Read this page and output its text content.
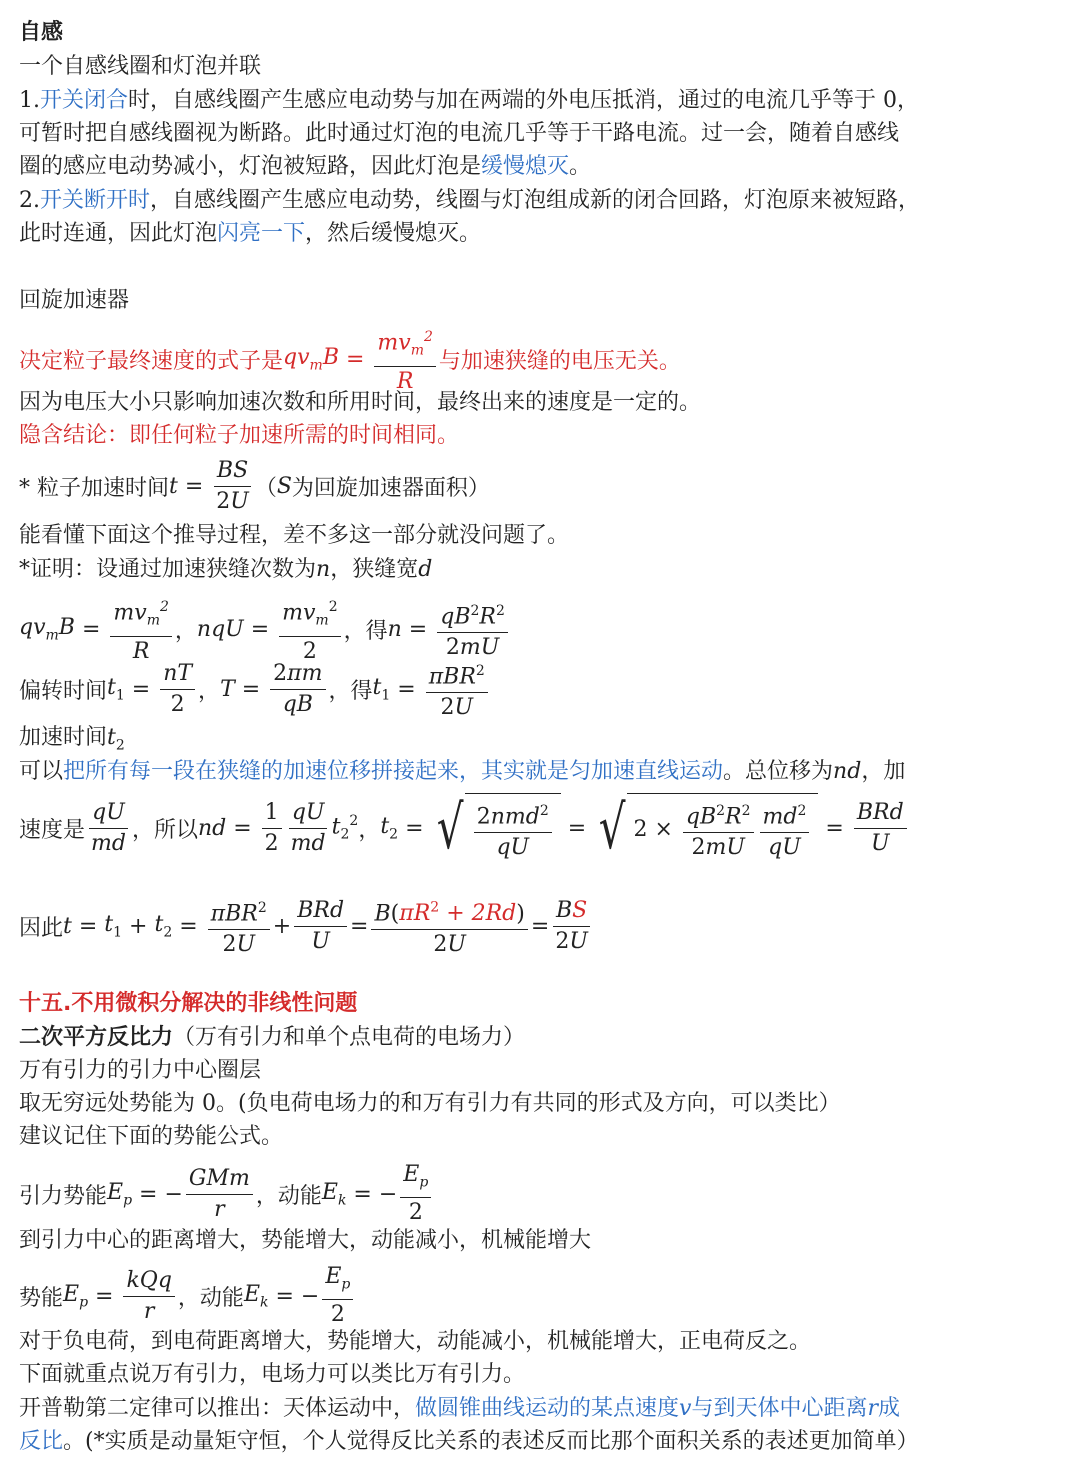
自感
一个自感线圈和灯泡并联
1.开关闭合时，自感线圈产生感应电动势与加在两端的外电压抵消，通过的电流几乎等于 0，
可暂时把自感线圈视为断路。此时通过灯泡的电流几乎等于干路电流。过一会，随着自感线
圈的感应电动势减小，灯泡被短路，因此灯泡是缓慢熄灭。
2.开关断开时，自感线圈产生感应电动势，线圈与灯泡组成新的闭合回路，灯泡原来被短路，
此时连通，因此灯泡闪亮一下，然后缓慢熄灭。
回旋加速器
决定粒子最终速度的式子是 $qv_mB = \frac{mv_m^2}{R}$ 与加速狭缝的电压无关。
因为电压大小只影响加速次数和所用时间，最终出来的速度是一定的。
隐含结论：即任何粒子加速所需的时间相同。
* 粒子加速时间 $t = \frac{BS}{2U}$ （ S 为回旋加速器面积）
能看懂下面这个推导过程，差不多这一部分就没问题了。
*证明：设通过加速狭缝次数为n，狭缝宽d
$qv_mB = \frac{mv_m^2}{R}$ ， nqU = $\frac{mv_m^2}{2}$ ，得 $n = \frac{qB^2R^2}{2mU}$
偏转时间 $t_1 = \frac{nT}{2}$ ， $T = \frac{2\pi m}{qB}$ ，得 $t_1 = \frac{\pi BR^2}{2U}$
加速时间$t_2$
可以把所有每一段在狭缝的加速位移拼接起来，其实就是匀加速直线运动。总位移为nd，加
速度是 $\frac{qU}{md}$ ，所以 nd = $\frac{1}{2} \frac{qU}{md} t_2^2$ ， $t_2$ = √ $\frac{2nmd^2}{qU}$ = √ $2 \times \frac{qB^2R^2}{2mU} \frac{md^2}{qU} = \frac{\text{BRd}}{U}$
因此 $t = t_1 + t_2 = \frac{\pi BR^2}{2U} + \frac{\text{BRd}}{U} = \frac{B(\pi R^2 + 2Rd)}{2U} = \frac{BS}{2U}$
十五.不用微积分解决的非线性问题
二次平方反比力（万有引力和单个点电荷的电场力）
万有引力的引力中心圈层
取无穷远处势能为 0。(负电荷电场力的和万有引力有共同的形式及方向，可以类比）
建议记住下面的势能公式。
引力势能 $E_p$ = − $\frac{\text{GMm}}{r}$ ，动能 $E_k$ = − $\frac{E_p}{2}$
到引力中心的距离增大，势能增大，动能减小，机械能增大
势能 $E_p = \frac{\text{kQq}}{r}$ ，动能 $E_k$ = − $\frac{E_p}{2}$
对于负电荷，到电荷距离增大，势能增大，动能减小，机械能增大，正电荷反之。
下面就重点说万有引力，电场力可以类比万有引力。
开普勒第二定律可以推出：天体运动中，做圆锥曲线运动的某点速度v与到天体中心距离r成
反比。(*实质是动量矩守恒，个人觉得反比关系的表述反而比那个面积关系的表述更加简单）
